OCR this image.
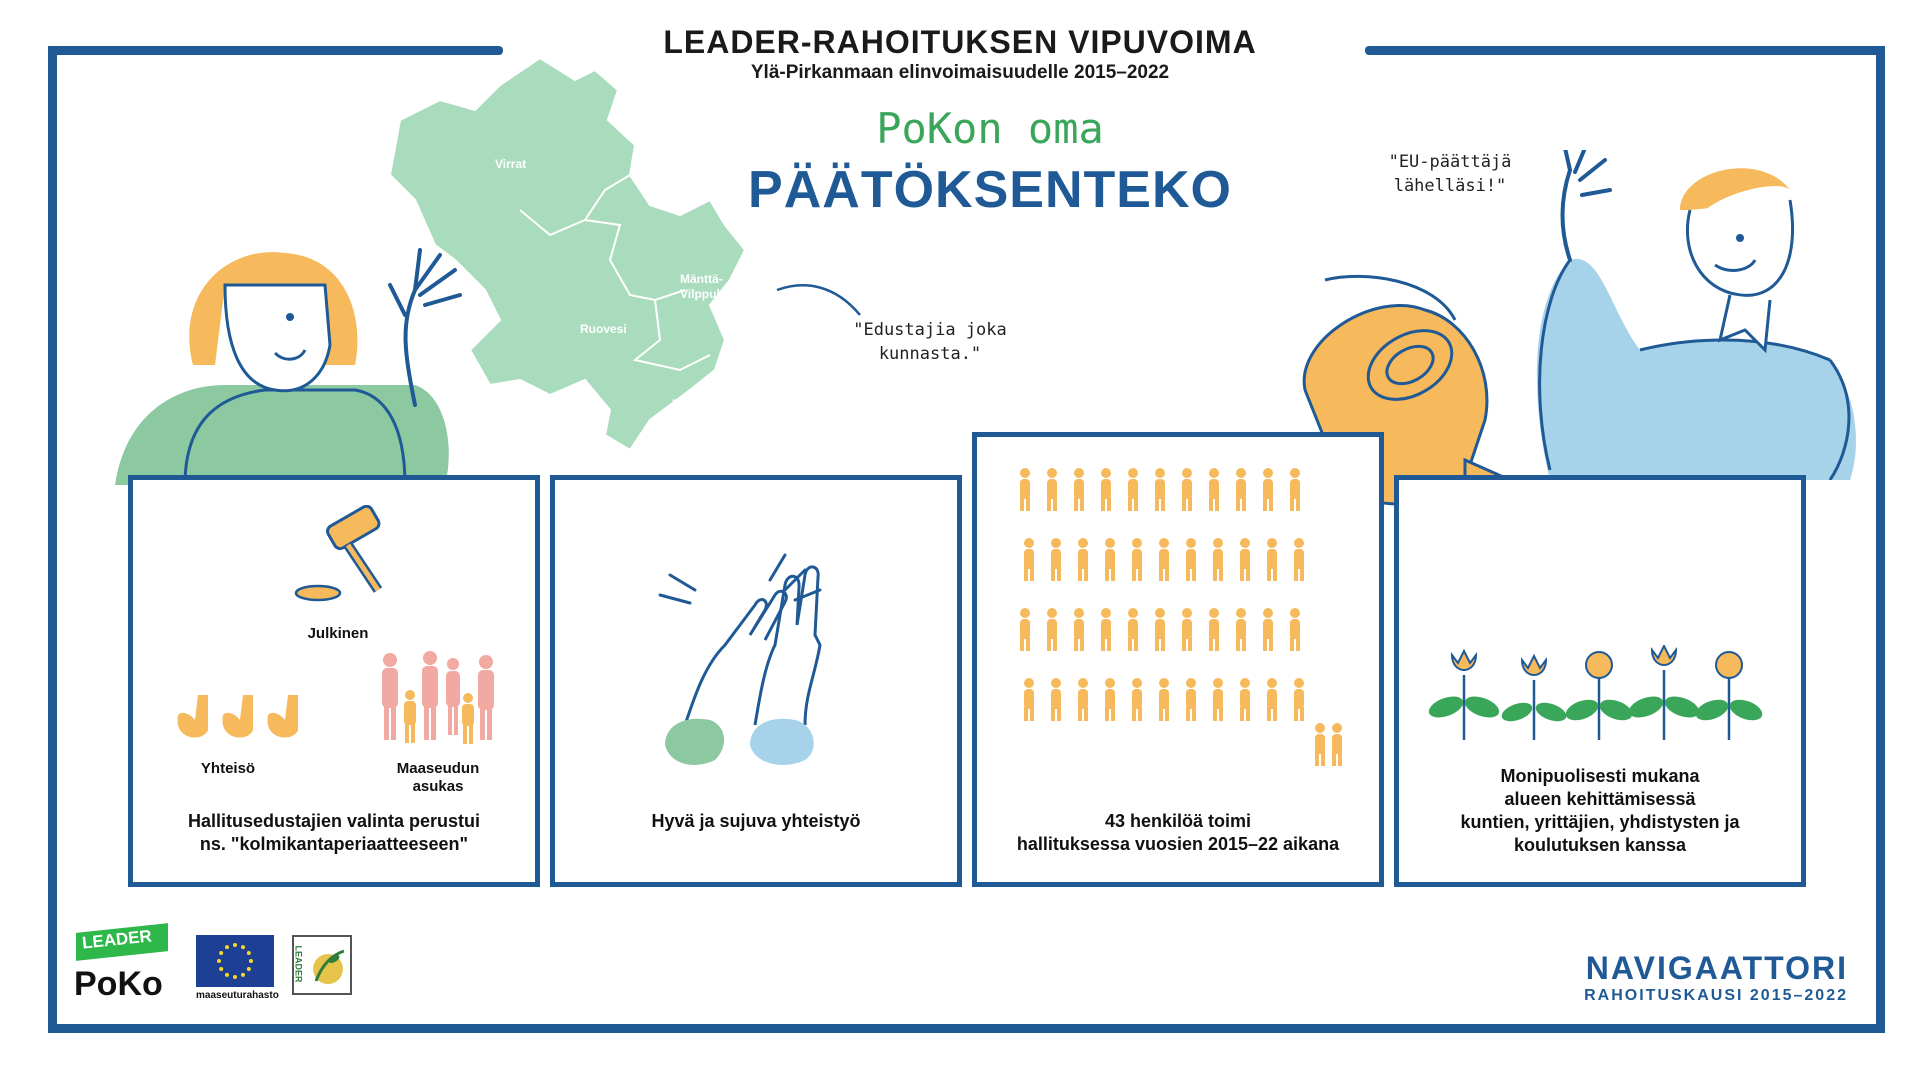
LEADER-RAHOITUKSEN VIPUVOIMA
Ylä-Pirkanmaan elinvoimaisuudelle 2015–2022
Virrat
Mänttä-
Vilppula
Ruovesi
Juupajoki
PoKon oma
PÄÄTÖKSENTEKO
"Edustajia joka
kunnasta."
"EU-päättäjä
lähelläsi!"
Julkinen
Yhteisö	Maaseudun
asukas
Hallitusedustajien valinta perustui
ns. "kolmikantaperiaatteeseen"
Hyvä ja sujuva yhteistyö	43 henkilöä toimi
hallituksessa vuosien 2015–22 aikana
Monipuolisesti mukana
alueen kehittämisessä
kuntien, yrittäjien, yhdistysten ja
koulutuksen kanssa
LEADER
PoKo	maaseuturahasto
LEADER	NAVIGAATTORI
RAHOITUSKAUSI 2015–2022
